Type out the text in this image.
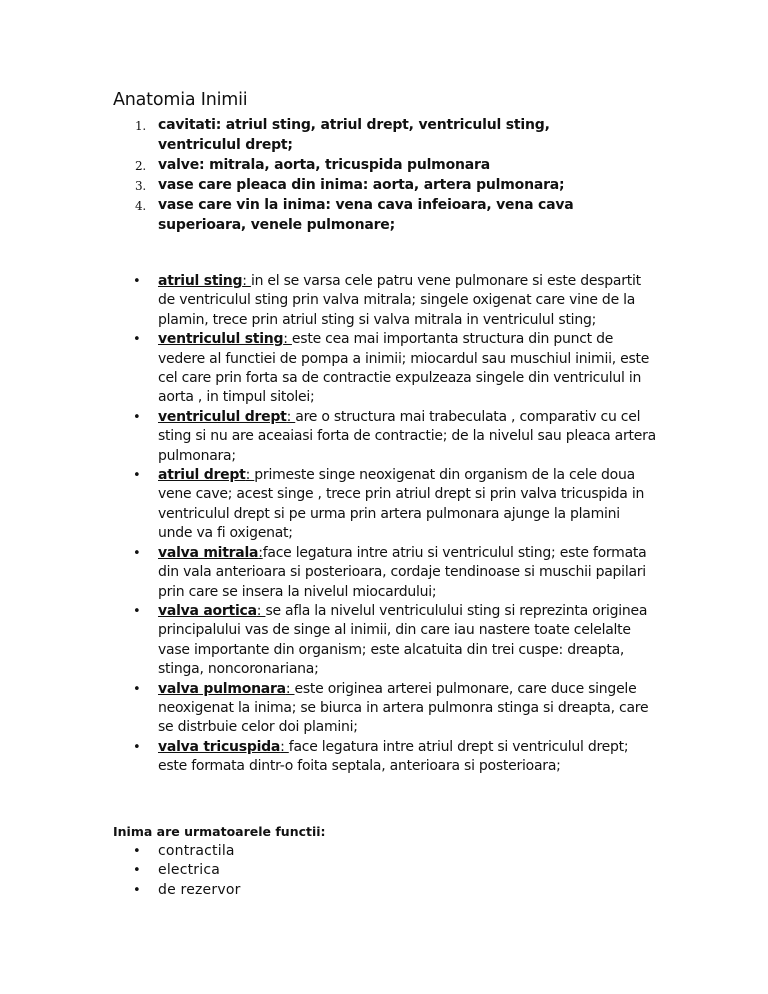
Anatomia Inimii
1. cavitati: atriul sting, atriul drept, ventriculul sting, ventriculul drept;
2. valve: mitrala, aorta, tricuspida pulmonara
3. vase care pleaca din inima: aorta, artera pulmonara;
4. vase care vin la inima: vena cava infeioara, vena cava superioara, venele pulmonare;
• atriul sting: in el se varsa cele patru vene pulmonare si este despartit de ventriculul sting prin valva mitrala; singele oxigenat care vine de la plamin, trece prin atriul sting si valva mitrala in ventriculul sting;
• ventriculul sting: este cea mai importanta structura din punct de vedere al functiei de pompa a inimii; miocardul sau muschiul inimii, este cel care prin forta sa de contractie expulzeaza singele din ventriculul in aorta , in timpul sitolei;
• ventriculul drept: are o structura mai trabeculata , comparativ cu cel sting si nu are aceaiasi forta de contractie; de la nivelul sau pleaca artera pulmonara;
• atriul drept: primeste singe neoxigenat din organism de la cele doua vene cave; acest singe , trece prin atriul drept si prin valva tricuspida in ventriculul drept si pe urma prin artera pulmonara ajunge la plamini unde va fi oxigenat;
• valva mitrala:face legatura intre atriu si ventriculul sting; este formata din vala anterioara si posterioara, cordaje tendinoase si muschii papilari prin care se insera la nivelul miocardului;
• valva aortica: se afla la nivelul ventriculului sting si reprezinta originea principalului vas de singe al inimii, din care iau nastere toate celelalte vase importante din organism; este alcatuita din trei cuspe: dreapta, stinga, noncoronariana;
• valva pulmonara: este originea arterei pulmonare, care duce singele neoxigenat la inima; se biurca in artera pulmonra stinga si dreapta, care se distrbuie celor doi plamini;
• valva tricuspida: face legatura intre atriul drept si ventriculul drept; este formata dintr-o foita septala, anterioara si posterioara;

Inima are urmatoarele functii:

• contractila
• electrica
• de rezervor
